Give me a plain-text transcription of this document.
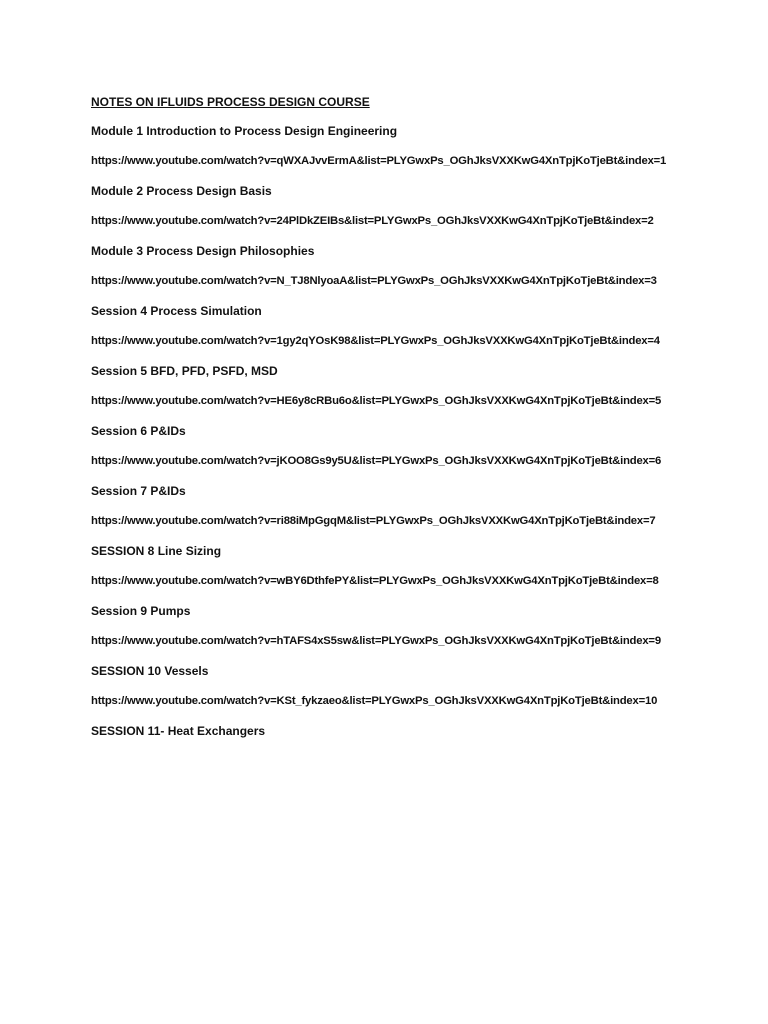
NOTES ON IFLUIDS PROCESS DESIGN COURSE
Module 1 Introduction to Process Design Engineering
https://www.youtube.com/watch?v=qWXAJvvErmA&list=PLYGwxPs_OGhJksVXXKwG4XnTpjKoTjeBt&index=1
Module 2 Process Design Basis
https://www.youtube.com/watch?v=24PlDkZEIBs&list=PLYGwxPs_OGhJksVXXKwG4XnTpjKoTjeBt&index=2
Module 3 Process Design Philosophies
https://www.youtube.com/watch?v=N_TJ8NlyoaA&list=PLYGwxPs_OGhJksVXXKwG4XnTpjKoTjeBt&index=3
Session 4 Process Simulation
https://www.youtube.com/watch?v=1gy2qYOsK98&list=PLYGwxPs_OGhJksVXXKwG4XnTpjKoTjeBt&index=4
Session 5 BFD, PFD, PSFD, MSD
https://www.youtube.com/watch?v=HE6y8cRBu6o&list=PLYGwxPs_OGhJksVXXKwG4XnTpjKoTjeBt&index=5
Session 6 P&IDs
https://www.youtube.com/watch?v=jKOO8Gs9y5U&list=PLYGwxPs_OGhJksVXXKwG4XnTpjKoTjeBt&index=6
Session 7 P&IDs
https://www.youtube.com/watch?v=ri88iMpGgqM&list=PLYGwxPs_OGhJksVXXKwG4XnTpjKoTjeBt&index=7
SESSION 8 Line Sizing
https://www.youtube.com/watch?v=wBY6DthfePY&list=PLYGwxPs_OGhJksVXXKwG4XnTpjKoTjeBt&index=8
Session 9 Pumps
https://www.youtube.com/watch?v=hTAFS4xS5sw&list=PLYGwxPs_OGhJksVXXKwG4XnTpjKoTjeBt&index=9
SESSION 10 Vessels
https://www.youtube.com/watch?v=KSt_fykzaeo&list=PLYGwxPs_OGhJksVXXKwG4XnTpjKoTjeBt&index=10
SESSION 11- Heat Exchangers
